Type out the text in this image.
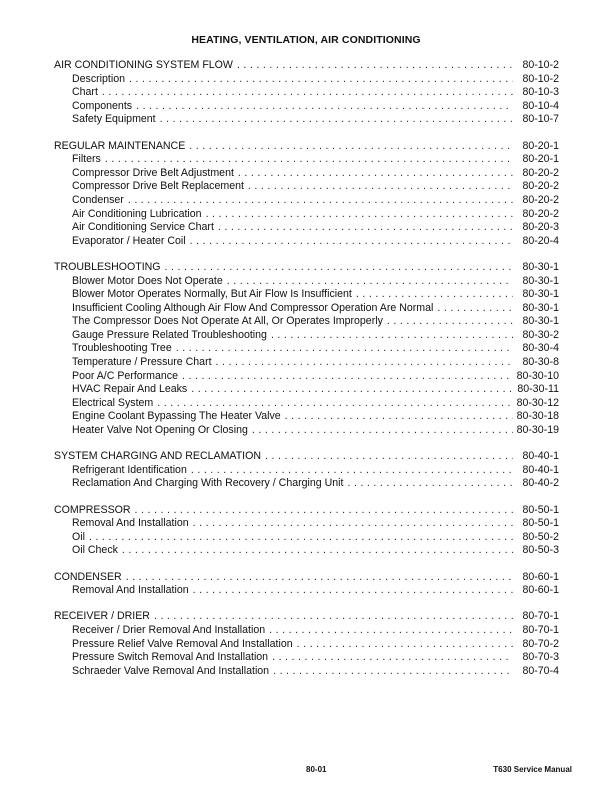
HEATING, VENTILATION, AIR CONDITIONING
AIR CONDITIONING SYSTEM FLOW . . .	80-10-2
Description . . .	80-10-2
Chart . . .	80-10-3
Components . . .	80-10-4
Safety Equipment . . .	80-10-7
REGULAR MAINTENANCE . . .	80-20-1
Filters . . .	80-20-1
Compressor Drive Belt Adjustment . . .	80-20-2
Compressor Drive Belt Replacement . . .	80-20-2
Condenser . . .	80-20-2
Air Conditioning Lubrication . . .	80-20-2
Air Conditioning Service Chart . . .	80-20-3
Evaporator / Heater Coil . . .	80-20-4
TROUBLESHOOTING . . .	80-30-1
Blower Motor Does Not Operate . . .	80-30-1
Blower Motor Operates Normally, But Air Flow Is Insufficient . . .	80-30-1
Insufficient Cooling Although Air Flow And Compressor Operation Are Normal . . .	80-30-1
The Compressor Does Not Operate At All, Or Operates Improperly . . .	80-30-1
Gauge Pressure Related Troubleshooting . . .	80-30-2
Troubleshooting Tree . . .	80-30-4
Temperature / Pressure Chart . . .	80-30-8
Poor A/C Performance . . .	80-30-10
HVAC Repair And Leaks . . .	80-30-11
Electrical System . . .	80-30-12
Engine Coolant Bypassing The Heater Valve . . .	80-30-18
Heater Valve Not Opening Or Closing . . .	80-30-19
SYSTEM CHARGING AND RECLAMATION . . .	80-40-1
Refrigerant Identification . . .	80-40-1
Reclamation And Charging With Recovery / Charging Unit . . .	80-40-2
COMPRESSOR . . .	80-50-1
Removal And Installation . . .	80-50-1
Oil . . .	80-50-2
Oil Check . . .	80-50-3
CONDENSER . . .	80-60-1
Removal And Installation . . .	80-60-1
RECEIVER / DRIER . . .	80-70-1
Receiver / Drier Removal And Installation . . .	80-70-1
Pressure Relief Valve Removal And Installation . . .	80-70-2
Pressure Switch Removal And Installation . . .	80-70-3
Schraeder Valve Removal And Installation . . .	80-70-4
80-01	T630 Service Manual
